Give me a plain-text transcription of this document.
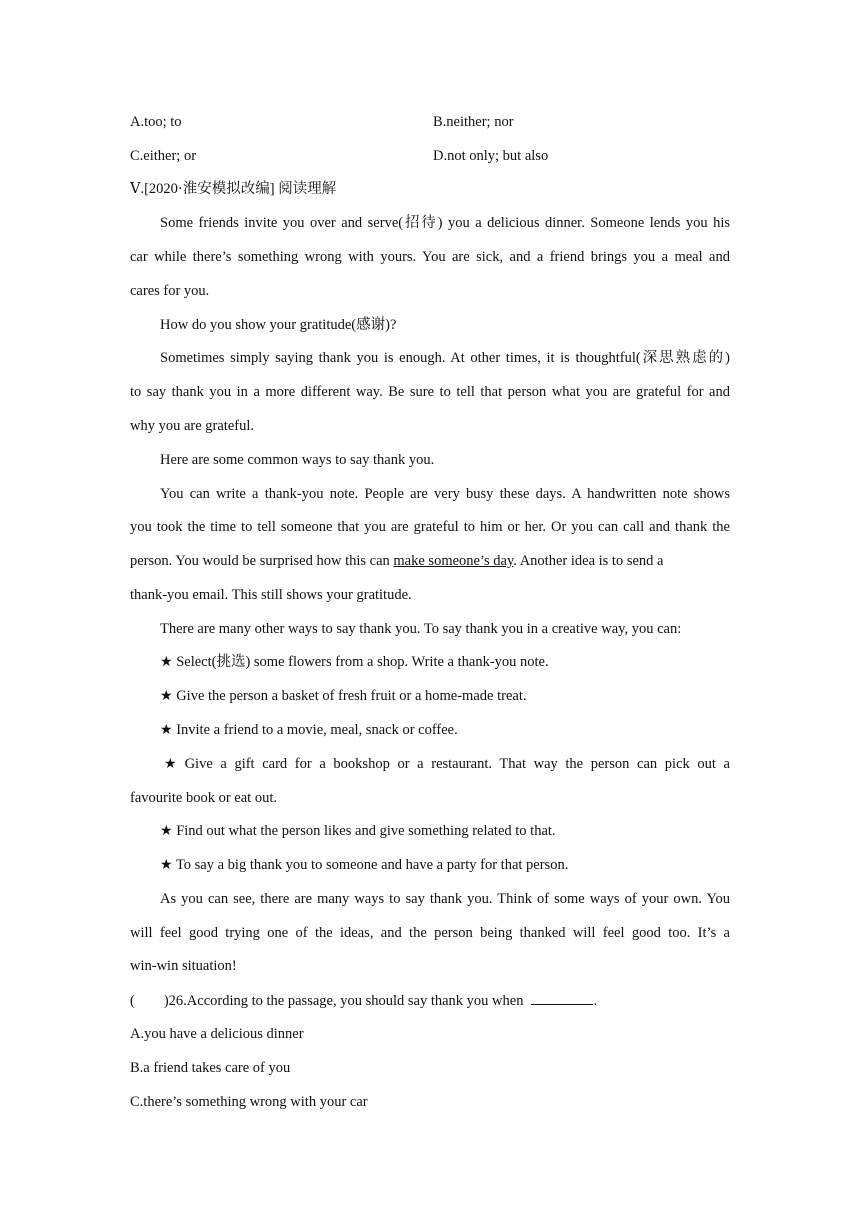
A.too; to	B.neither; nor
C.either; or	D.not only; but also
Ⅴ.[2020·淮安模拟改编] 阅读理解
Some friends invite you over and serve(招待) you a delicious dinner. Someone lends you his
car while there’s something wrong with yours. You are sick, and a friend brings you a meal and
cares for you.
How do you show your gratitude(感谢)?
Sometimes simply saying thank you is enough. At other times, it is thoughtful(深思熟虑的)
to say thank you in a more different way. Be sure to tell that person what you are grateful for and
why you are grateful.
Here are some common ways to say thank you.
You can write a thank-you note. People are very busy these days. A handwritten note shows
you took the time to tell someone that you are grateful to him or her. Or you can call and thank the
person. You would be surprised how this can make someone’s day. Another idea is to send a
thank-you email. This still shows your gratitude.
There are many other ways to say thank you. To say thank you in a creative way, you can:
★ Select(挑选) some flowers from a shop. Write a thank-you note.
★ Give the person a basket of fresh fruit or a home-made treat.
★ Invite a friend to a movie, meal, snack or coffee.
★ Give a gift card for a bookshop or a restaurant. That way the person can pick out a
favourite book or eat out.
★ Find out what the person likes and give something related to that.
★ To say a big thank you to someone and have a party for that person.
As you can see, there are many ways to say thank you. Think of some ways of your own. You
will feel good trying one of the ideas, and the person being thanked will feel good too. It’s a
win-win situation!
(        )26.According to the passage, you should say thank you when	.
A.you have a delicious dinner
B.a friend takes care of you
C.there’s something wrong with your car
